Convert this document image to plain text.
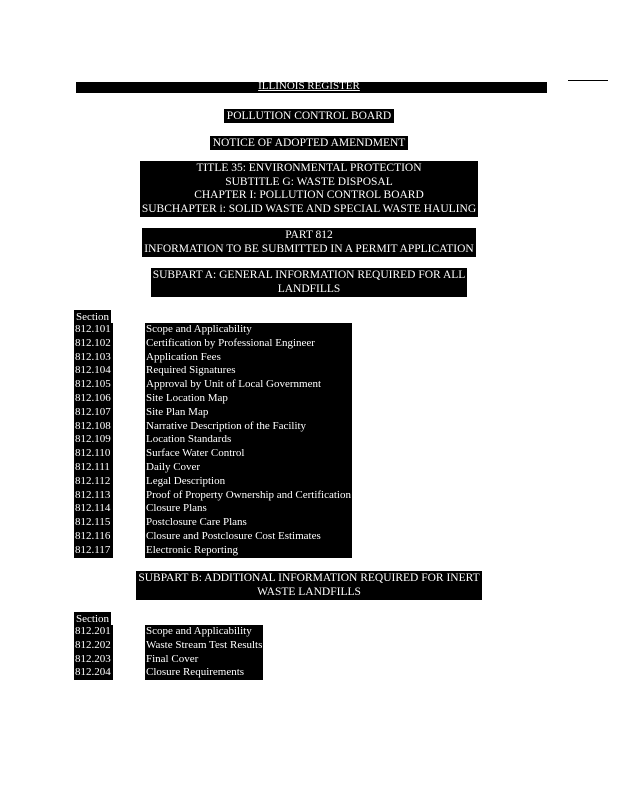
ILLINOIS REGISTER
POLLUTION CONTROL BOARD
NOTICE OF ADOPTED AMENDMENT
TITLE 35: ENVIRONMENTAL PROTECTION
SUBTITLE G: WASTE DISPOSAL
CHAPTER I: POLLUTION CONTROL BOARD
SUBCHAPTER i: SOLID WASTE AND SPECIAL WASTE HAULING
PART 812
INFORMATION TO BE SUBMITTED IN A PERMIT APPLICATION
SUBPART A: GENERAL INFORMATION REQUIRED FOR ALL
LANDFILLS
Section
812.101
812.102
812.103
812.104
812.105
812.106
812.107
812.108
812.109
812.110
812.111
812.112
812.113
812.114
812.115
812.116
812.117
Scope and Applicability
Certification by Professional Engineer
Application Fees
Required Signatures
Approval by Unit of Local Government
Site Location Map
Site Plan Map
Narrative Description of the Facility
Location Standards
Surface Water Control
Daily Cover
Legal Description
Proof of Property Ownership and Certification
Closure Plans
Postclosure Care Plans
Closure and Postclosure Cost Estimates
Electronic Reporting
SUBPART B: ADDITIONAL INFORMATION REQUIRED FOR INERT
WASTE LANDFILLS
Section
812.201
812.202
812.203
812.204
Scope and Applicability
Waste Stream Test Results
Final Cover
Closure Requirements
